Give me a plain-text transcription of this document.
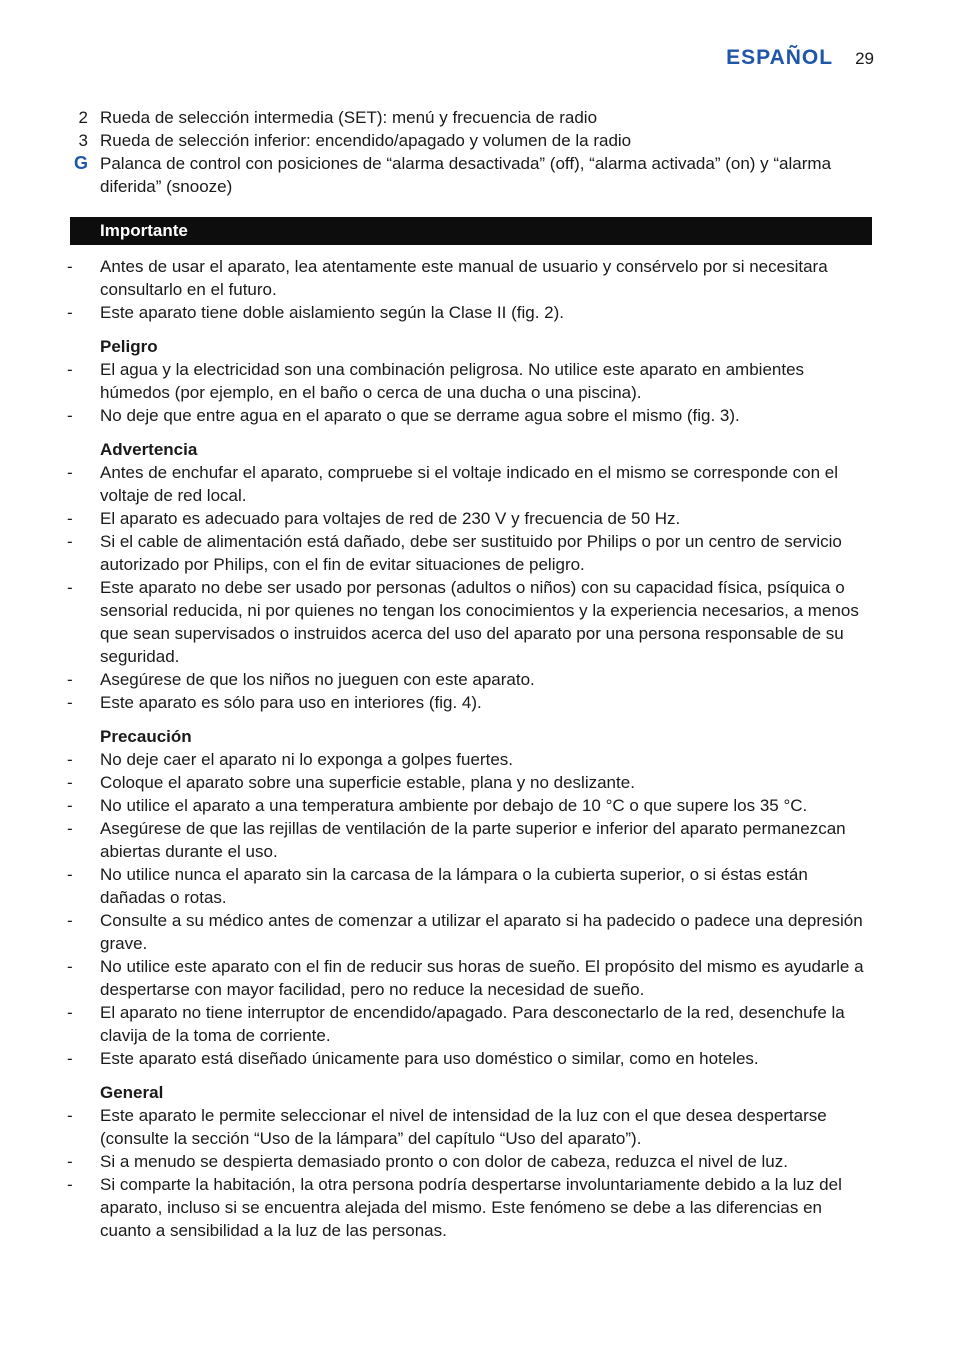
ESPAÑOL 29
2 Rueda de selección intermedia (SET): menú y frecuencia de radio
3 Rueda de selección inferior: encendido/apagado y volumen de la radio
G Palanca de control con posiciones de “alarma desactivada” (off), “alarma activada” (on) y “alarma diferida” (snooze)
Importante
- Antes de usar el aparato, lea atentamente este manual de usuario y consérvelo por si necesitara consultarlo en el futuro.
- Este aparato tiene doble aislamiento según la Clase II (fig. 2).
Peligro
- El agua y la electricidad son una combinación peligrosa. No utilice este aparato en ambientes húmedos (por ejemplo, en el baño o cerca de una ducha o una piscina).
- No deje que entre agua en el aparato o que se derrame agua sobre el mismo (fig. 3).
Advertencia
- Antes de enchufar el aparato, compruebe si el voltaje indicado en el mismo se corresponde con el voltaje de red local.
- El aparato es adecuado para voltajes de red de 230 V y frecuencia de 50 Hz.
- Si el cable de alimentación está dañado, debe ser sustituido por Philips o por un centro de servicio autorizado por Philips, con el fin de evitar situaciones de peligro.
- Este aparato no debe ser usado por personas (adultos o niños) con su capacidad física, psíquica o sensorial reducida, ni por quienes no tengan los conocimientos y la experiencia necesarios, a menos que sean supervisados o instruidos acerca del uso del aparato por una persona responsable de su seguridad.
- Asegúrese de que los niños no jueguen con este aparato.
- Este aparato es sólo para uso en interiores (fig. 4).
Precaución
- No deje caer el aparato ni lo exponga a golpes fuertes.
- Coloque el aparato sobre una superficie estable, plana y no deslizante.
- No utilice el aparato a una temperatura ambiente por debajo de 10 °C o que supere los 35 °C.
- Asegúrese de que las rejillas de ventilación de la parte superior e inferior del aparato permanezcan abiertas durante el uso.
- No utilice nunca el aparato sin la carcasa de la lámpara o la cubierta superior, o si éstas están dañadas o rotas.
- Consulte a su médico antes de comenzar a utilizar el aparato si ha padecido o padece una depresión grave.
- No utilice este aparato con el fin de reducir sus horas de sueño. El propósito del mismo es ayudarle a despertarse con mayor facilidad, pero no reduce la necesidad de sueño.
- El aparato no tiene interruptor de encendido/apagado. Para desconectarlo de la red, desenchufe la clavija de la toma de corriente.
- Este aparato está diseñado únicamente para uso doméstico o similar, como en hoteles.
General
- Este aparato le permite seleccionar el nivel de intensidad de la luz con el que desea despertarse (consulte la sección “Uso de la lámpara” del capítulo “Uso del aparato”).
- Si a menudo se despierta demasiado pronto o con dolor de cabeza, reduzca el nivel de luz.
- Si comparte la habitación, la otra persona podría despertarse involuntariamente debido a la luz del aparato, incluso si se encuentra alejada del mismo. Este fenómeno se debe a las diferencias en cuanto a sensibilidad a la luz de las personas.
